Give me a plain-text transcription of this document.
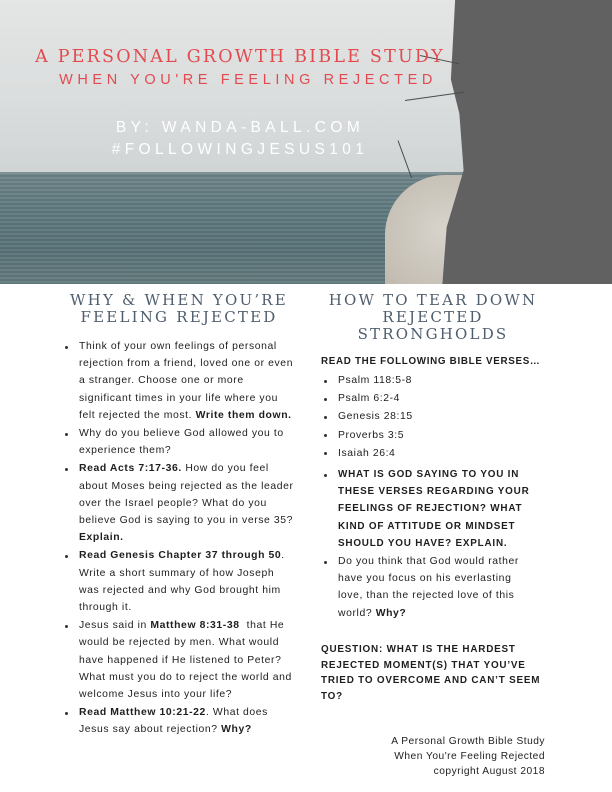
A PERSONAL GROWTH BIBLE STUDY
WHEN YOU'RE FEELING REJECTED
BY: WANDA-BALL.COM
#FOLLOWINGJESUS101
WHY & WHEN YOU’RE
FEELING REJECTED
Think of your own feelings of personal rejection from a friend, loved one or even a stranger. Choose one or more significant times in your life where you felt rejected the most. Write them down.
Why do you believe God allowed you to experience them?
Read Acts 7:17-36. How do you feel about Moses being rejected as the leader over the Israel people? What do you believe God is saying to you in verse 35? Explain.
Read Genesis Chapter 37 through 50. Write a short summary of how Joseph was rejected and why God brought him through it.
Jesus said in Matthew 8:31-38  that He would be rejected by men. What would have happened if He listened to Peter? What must you do to reject the world and welcome Jesus into your life?
Read Matthew 10:21-22. What does Jesus say about rejection? Why?
HOW TO TEAR DOWN
REJECTED
STRONGHOLDS
READ THE FOLLOWING BIBLE VERSES…
Psalm 118:5-8
Psalm 6:2-4
Genesis 28:15
Proverbs 3:5
Isaiah 26:4
WHAT IS GOD SAYING TO YOU IN THESE VERSES REGARDING YOUR FEELINGS OF REJECTION? WHAT KIND OF ATTITUDE OR MINDSET SHOULD YOU HAVE? EXPLAIN.
Do you think that God would rather have you focus on his everlasting love, than the rejected love of this world? Why?
QUESTION: WHAT IS THE HARDEST REJECTED MOMENT(S) THAT YOU’VE TRIED TO OVERCOME AND CAN’T SEEM TO?
A Personal Growth Bible Study
When You're Feeling Rejected
copyright August 2018
